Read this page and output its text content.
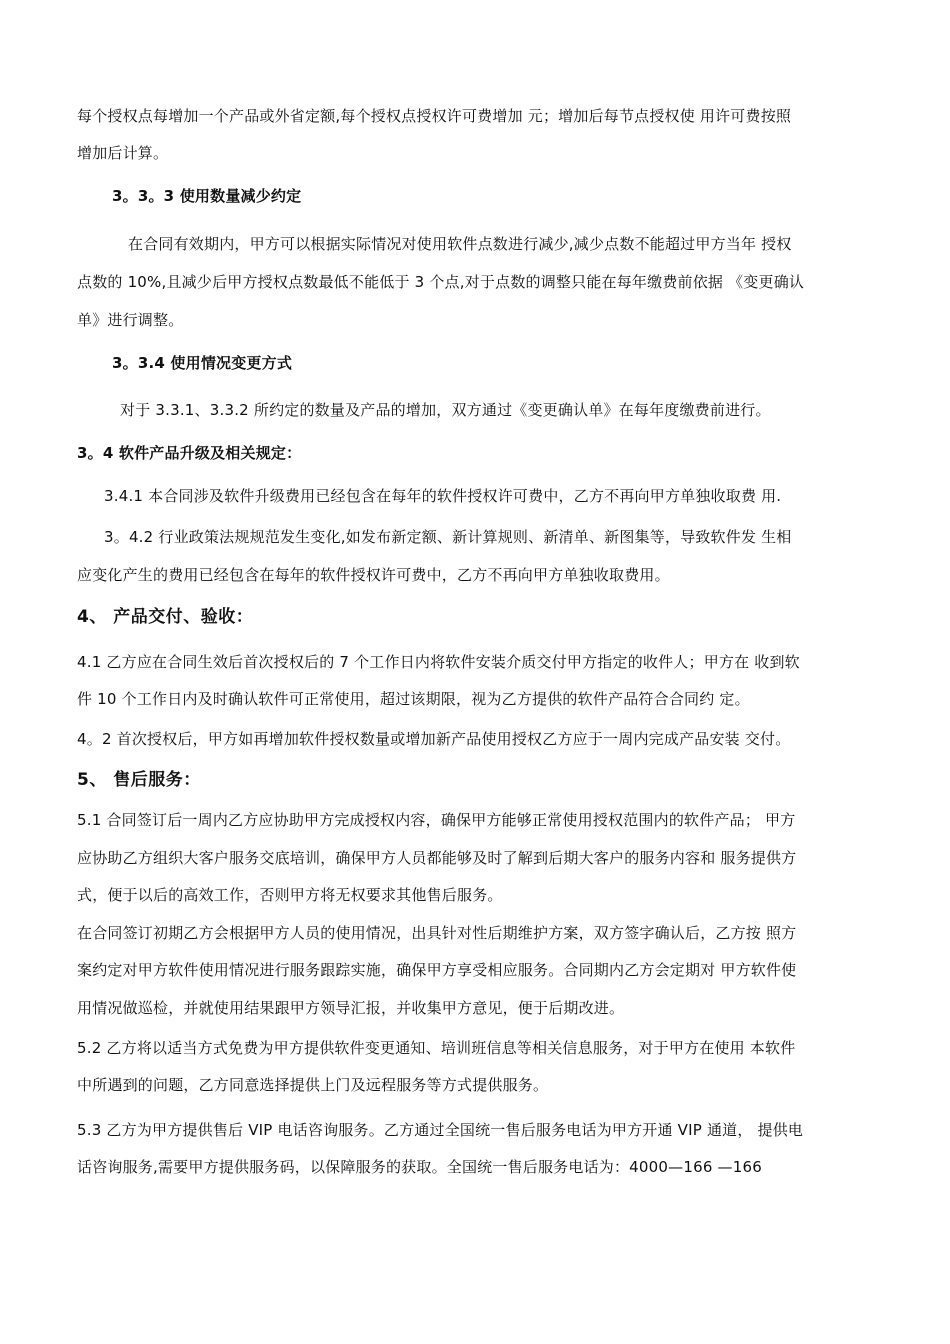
每个授权点每增加一个产品或外省定额,每个授权点授权许可费增加 元；增加后每节点授权使 用许可费按照
增加后计算。
3。3。3 使用数量减少约定
在合同有效期内，甲方可以根据实际情况对使用软件点数进行减少,减少点数不能超过甲方当年 授权
点数的 10%,且减少后甲方授权点数最低不能低于 3 个点,对于点数的调整只能在每年缴费前依据 《变更确认
单》进行调整。
3。3.4 使用情况变更方式
对于 3.3.1、3.3.2 所约定的数量及产品的增加，双方通过《变更确认单》在每年度缴费前进行。
3。4 软件产品升级及相关规定：
3.4.1 本合同涉及软件升级费用已经包含在每年的软件授权许可费中，乙方不再向甲方单独收取费 用.
3。4.2 行业政策法规规范发生变化,如发布新定额、新计算规则、新清单、新图集等，导致软件发 生相
应变化产生的费用已经包含在每年的软件授权许可费中，乙方不再向甲方单独收取费用。
4、 产品交付、验收：
4.1 乙方应在合同生效后首次授权后的 7 个工作日内将软件安装介质交付甲方指定的收件人；甲方在 收到软
件 10 个工作日内及时确认软件可正常使用，超过该期限，视为乙方提供的软件产品符合合同约 定。
4。2 首次授权后，甲方如再增加软件授权数量或增加新产品使用授权乙方应于一周内完成产品安装 交付。
5、 售后服务：
5.1 合同签订后一周内乙方应协助甲方完成授权内容，确保甲方能够正常使用授权范围内的软件产品； 甲方
应协助乙方组织大客户服务交底培训，确保甲方人员都能够及时了解到后期大客户的服务内容和 服务提供方
式，便于以后的高效工作，否则甲方将无权要求其他售后服务。
在合同签订初期乙方会根据甲方人员的使用情况，出具针对性后期维护方案，双方签字确认后，乙方按 照方
案约定对甲方软件使用情况进行服务跟踪实施，确保甲方享受相应服务。合同期内乙方会定期对 甲方软件使
用情况做巡检，并就使用结果跟甲方领导汇报，并收集甲方意见，便于后期改进。
5.2 乙方将以适当方式免费为甲方提供软件变更通知、培训班信息等相关信息服务，对于甲方在使用 本软件
中所遇到的问题，乙方同意选择提供上门及远程服务等方式提供服务。
5.3 乙方为甲方提供售后 VIP 电话咨询服务。乙方通过全国统一售后服务电话为甲方开通 VIP 通道， 提供电
话咨询服务,需要甲方提供服务码，以保障服务的获取。全国统一售后服务电话为：4000—166 —166
